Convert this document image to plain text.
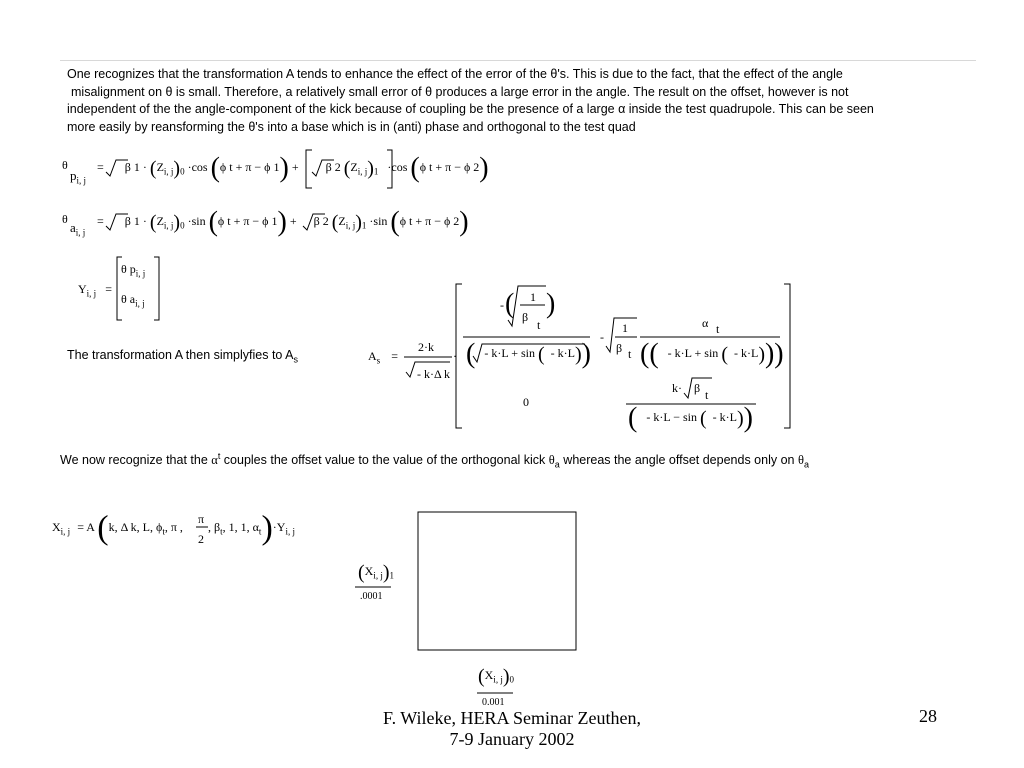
One recognizes that the transformation A tends to enhance the effect of the error of the θ's. This is due to the fact, that the effect of the angle

misalignment on θ is small. Therefore, a relatively small error of θ produces a large error in the angle. The result on the offset, however is not

independent of the the angle-component of the kick because of coupling be the presence of a large α inside the test quadrupole. This can be seen

more easily by reansforming the θ's into a base which is in (anti) phase and orthogonal to the test quad

θ
$p_{i, j}$
= β $1 \cdot (Z_{i, j})_0 \cdot\cos$ (ϕ t + π − ϕ 1) + β 2 $(Z_{i, j})_1 \cdot\cos$ (ϕ t + π − ϕ 2)
θ
$a_{i, j}$
= β $1 \cdot (Z_{i, j})_0 \cdot\sin$ (ϕ t + π − ϕ 1) + β 2 $(Z_{i, j})_1 \cdot\sin$ (ϕ t + π − ϕ 2)
$Y_{i, j}$ =
θ $p_{i, j}$
θ $a_{i, j}$
The transformation A then simplyfies to $A_s$	$A_s$ =
2·k
- k·Δ k
·
- ( 1
β
t
)
( - k·L + sin ( - k·L))
-
1
β t
α t
(( - k·L + sin ( - k·L)))
0
k· β t
( - k·L − sin ( - k·L))
We now recognize that the $\alpha^t$ couples the offset value to the value of the orthogonal kick $\theta_a$ whereas the angle offset depends only on $\theta_a$
$X_{i, j} = A$ (k, Δ k, L, $\phi_t$, π ,
π
2
, $\beta_t$, 1, 1, $\alpha_t)\cdot Y_{i, j}$
$(X_{i, j})_1$
.0001
$(X_{i, j})_0$
0.001
F. Wileke, HERA Seminar Zeuthen,
7-9 January 2002
28
